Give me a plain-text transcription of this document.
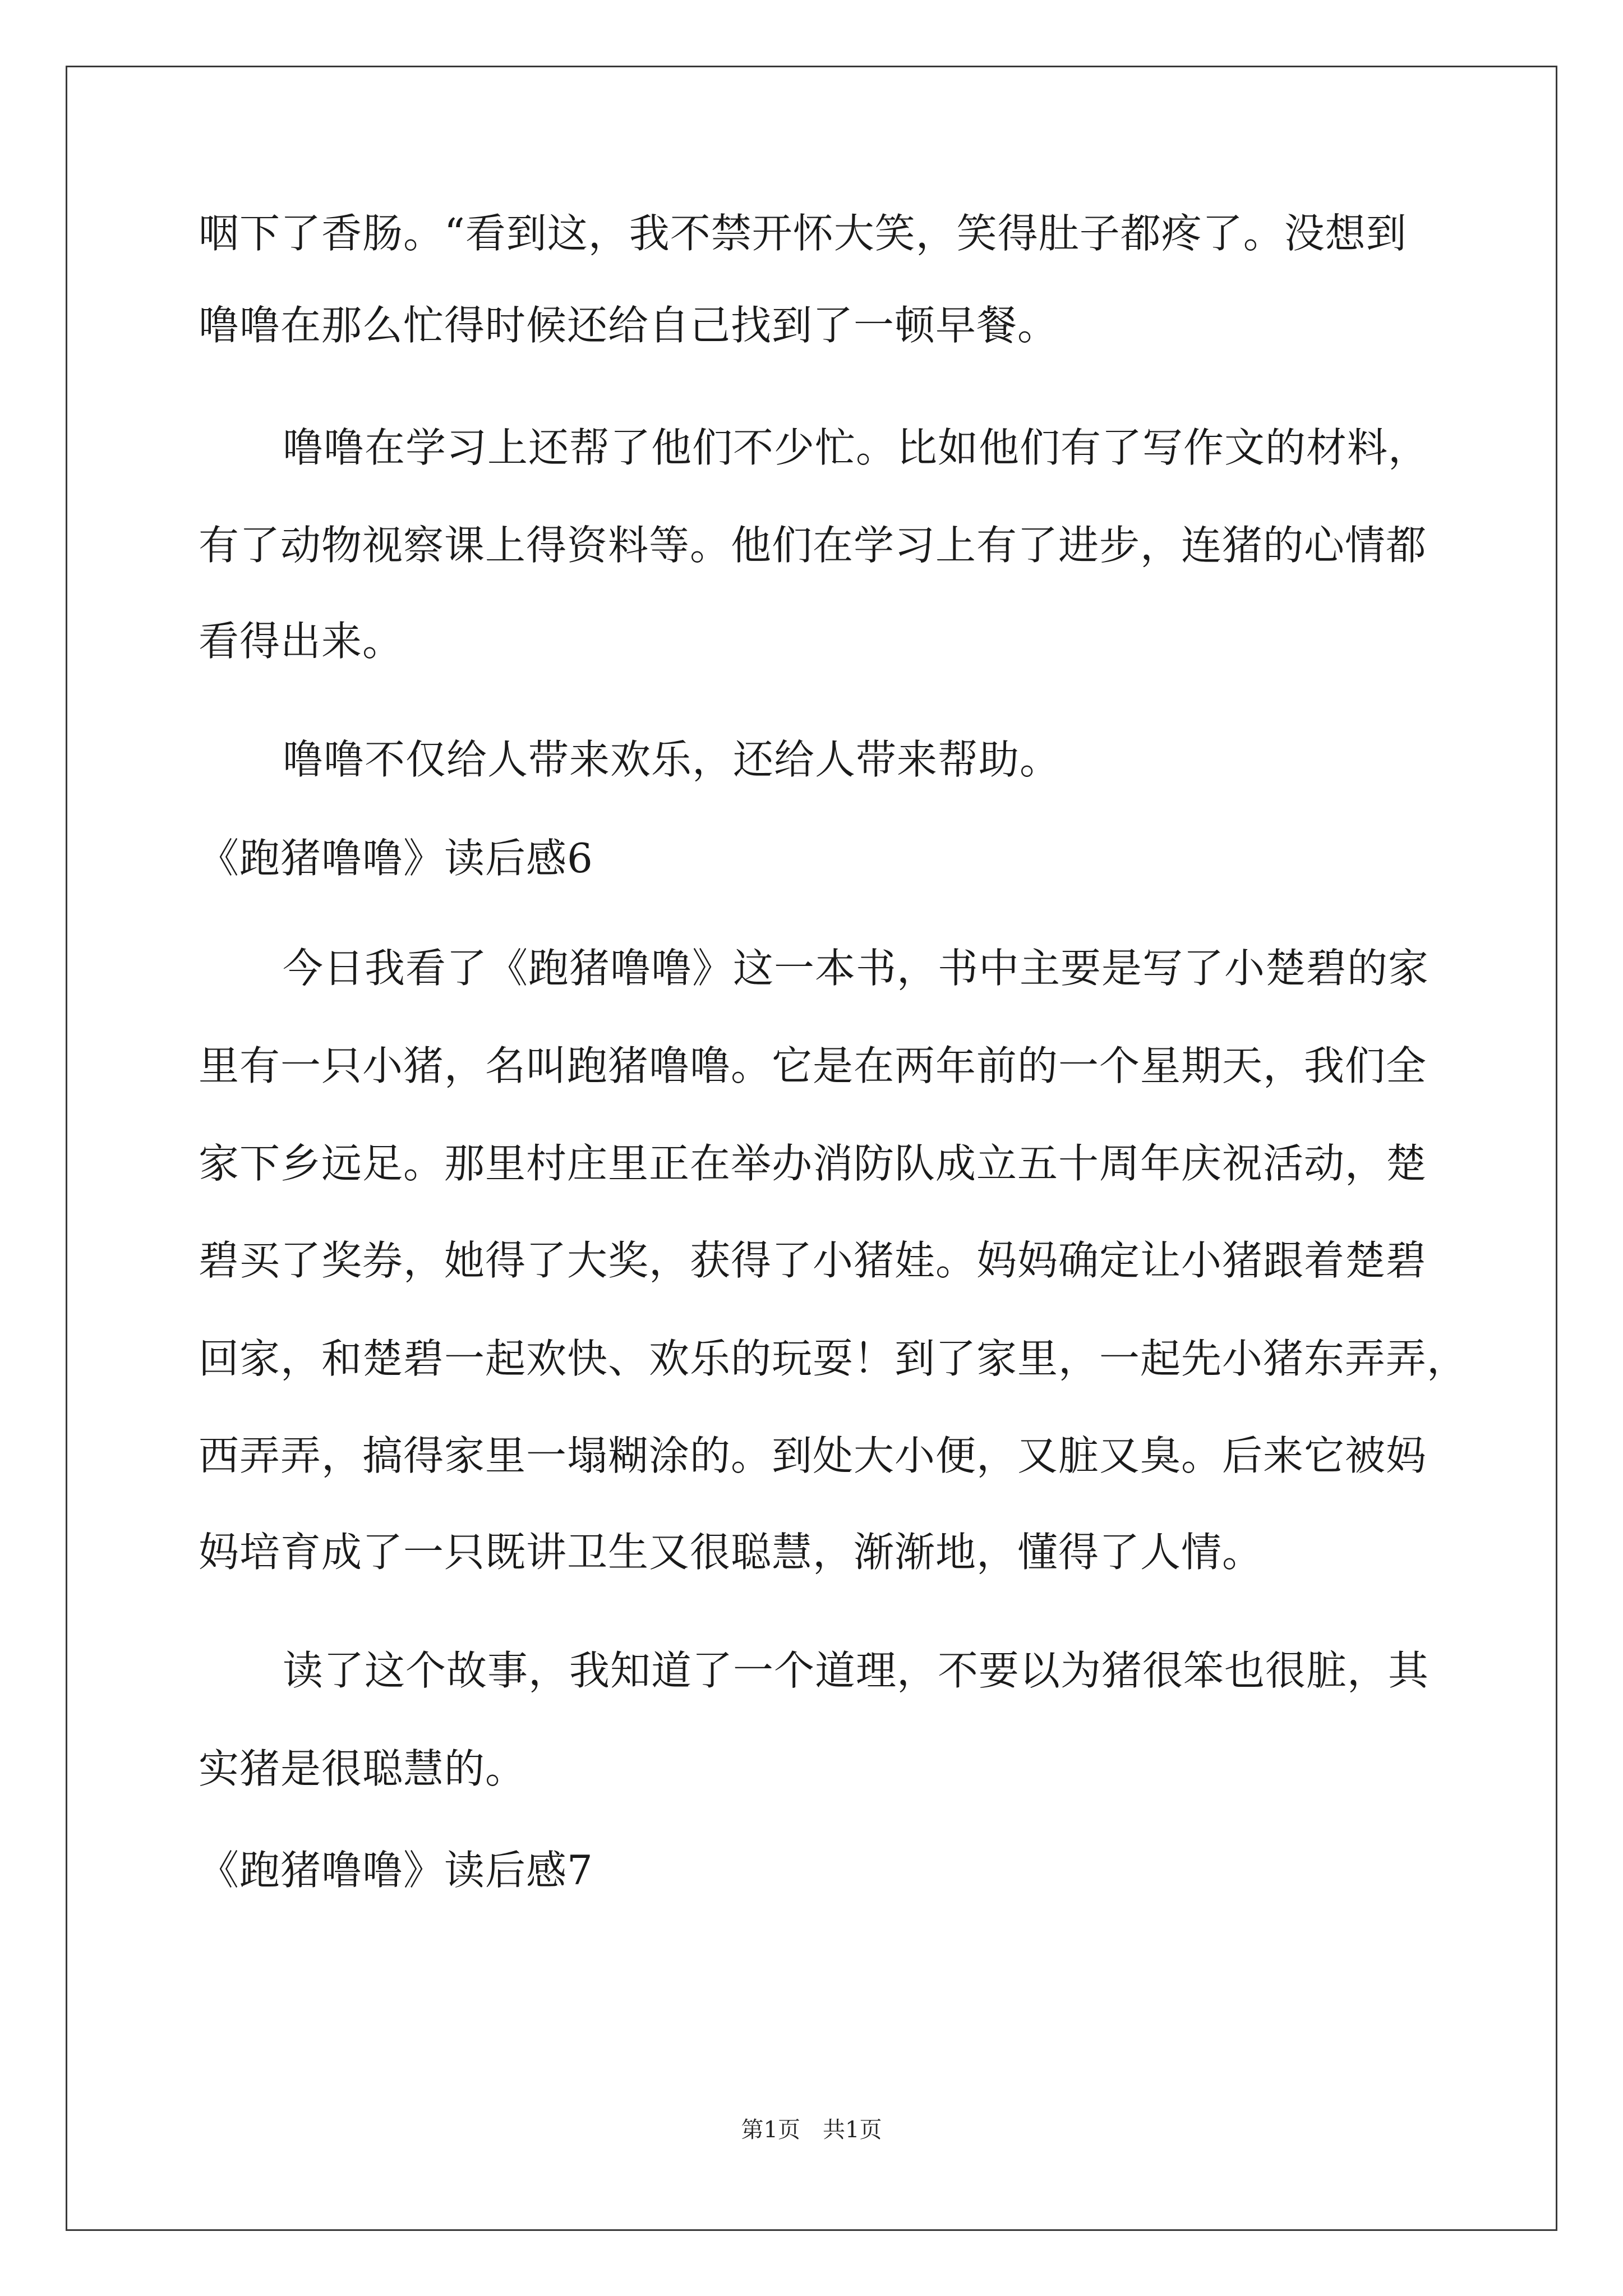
咽下了香肠。“看到这，我不禁开怀大笑，笑得肚子都疼了。没想到
噜噜在那么忙得时候还给自己找到了一顿早餐。
噜噜在学习上还帮了他们不少忙。比如他们有了写作文的材料，
有了动物视察课上得资料等。他们在学习上有了进步，连猪的心情都
看得出来。
噜噜不仅给人带来欢乐，还给人带来帮助。
《跑猪噜噜》读后感6
今日我看了《跑猪噜噜》这一本书，书中主要是写了小楚碧的家
里有一只小猪，名叫跑猪噜噜。它是在两年前的一个星期天，我们全
家下乡远足。那里村庄里正在举办消防队成立五十周年庆祝活动，楚
碧买了奖券，她得了大奖，获得了小猪娃。妈妈确定让小猪跟着楚碧
回家，和楚碧一起欢快、欢乐的玩耍！到了家里，一起先小猪东弄弄，
西弄弄，搞得家里一塌糊涂的。到处大小便，又脏又臭。后来它被妈
妈培育成了一只既讲卫生又很聪慧，渐渐地，懂得了人情。
读了这个故事，我知道了一个道理，不要以为猪很笨也很脏，其
实猪是很聪慧的。
《跑猪噜噜》读后感7
第1页　共1页
